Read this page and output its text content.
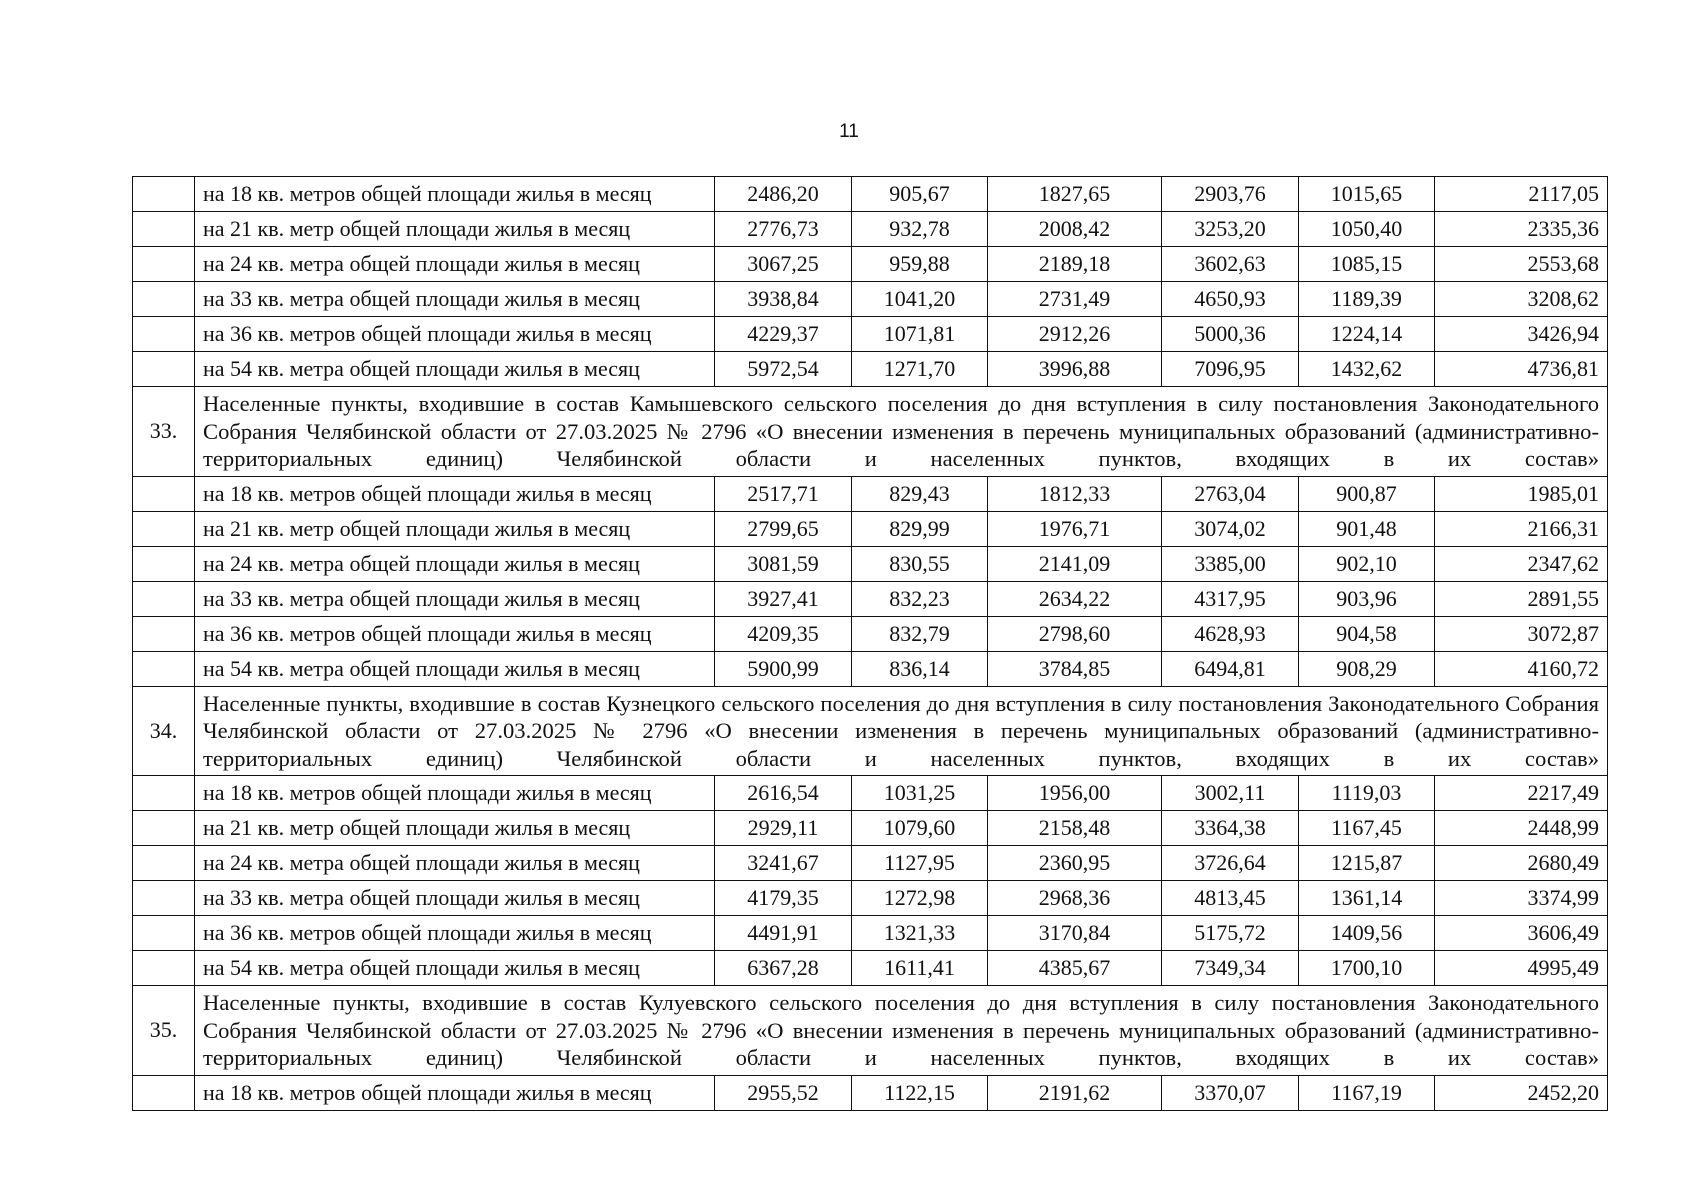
11
	на 18 кв. метров общей площади жилья в месяц	2486,20	905,67	1827,65	2903,76	1015,65	2117,05
	на 21 кв. метр общей площади жилья в месяц	2776,73	932,78	2008,42	3253,20	1050,40	2335,36
	на 24 кв. метра общей площади жилья в месяц	3067,25	959,88	2189,18	3602,63	1085,15	2553,68
	на 33 кв. метра общей площади жилья в месяц	3938,84	1041,20	2731,49	4650,93	1189,39	3208,62
	на 36 кв. метров общей площади жилья в месяц	4229,37	1071,81	2912,26	5000,36	1224,14	3426,94
	на 54 кв. метра общей площади жилья в месяц	5972,54	1271,70	3996,88	7096,95	1432,62	4736,81
33.	Населенные пункты, входившие в состав Камышевского сельского поселения до дня вступления в силу постановления Законодательного Собрания Челябинской области от 27.03.2025 № 2796 «О внесении изменения в перечень муниципальных образований (административно-территориальных единиц) Челябинской области и населенных пунктов, входящих в их состав»						
	на 18 кв. метров общей площади жилья в месяц	2517,71	829,43	1812,33	2763,04	900,87	1985,01
	на 21 кв. метр общей площади жилья в месяц	2799,65	829,99	1976,71	3074,02	901,48	2166,31
	на 24 кв. метра общей площади жилья в месяц	3081,59	830,55	2141,09	3385,00	902,10	2347,62
	на 33 кв. метра общей площади жилья в месяц	3927,41	832,23	2634,22	4317,95	903,96	2891,55
	на 36 кв. метров общей площади жилья в месяц	4209,35	832,79	2798,60	4628,93	904,58	3072,87
	на 54 кв. метра общей площади жилья в месяц	5900,99	836,14	3784,85	6494,81	908,29	4160,72
34.	Населенные пункты, входившие в состав Кузнецкого сельского поселения до дня вступления в силу постановления Законодательного Собрания Челябинской области от 27.03.2025 № 2796 «О внесении изменения в перечень муниципальных образований (административно-территориальных единиц) Челябинской области и населенных пунктов, входящих в их состав»						
	на 18 кв. метров общей площади жилья в месяц	2616,54	1031,25	1956,00	3002,11	1119,03	2217,49
	на 21 кв. метр общей площади жилья в месяц	2929,11	1079,60	2158,48	3364,38	1167,45	2448,99
	на 24 кв. метра общей площади жилья в месяц	3241,67	1127,95	2360,95	3726,64	1215,87	2680,49
	на 33 кв. метра общей площади жилья в месяц	4179,35	1272,98	2968,36	4813,45	1361,14	3374,99
	на 36 кв. метров общей площади жилья в месяц	4491,91	1321,33	3170,84	5175,72	1409,56	3606,49
	на 54 кв. метра общей площади жилья в месяц	6367,28	1611,41	4385,67	7349,34	1700,10	4995,49
35.	Населенные пункты, входившие в состав Кулуевского сельского поселения до дня вступления в силу постановления Законодательного Собрания Челябинской области от 27.03.2025 № 2796 «О внесении изменения в перечень муниципальных образований (административно-территориальных единиц) Челябинской области и населенных пунктов, входящих в их состав»						
	на 18 кв. метров общей площади жилья в месяц	2955,52	1122,15	2191,62	3370,07	1167,19	2452,20
